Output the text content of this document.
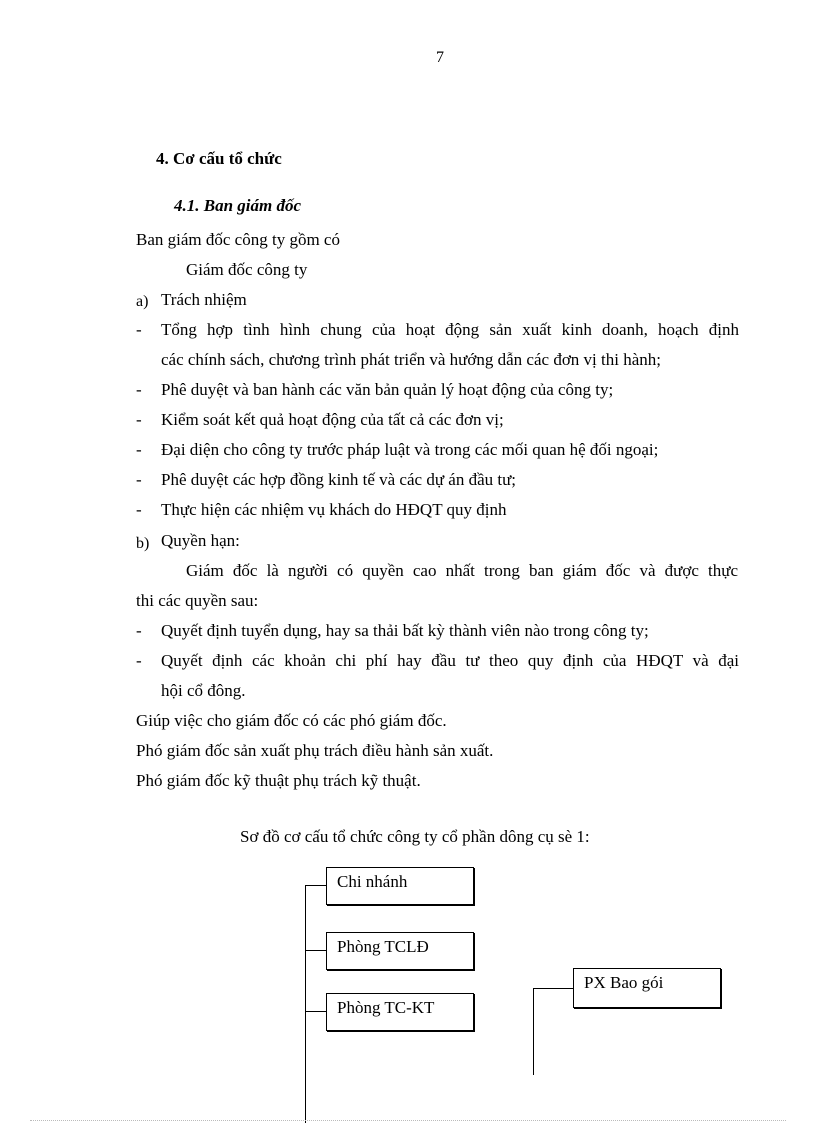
7
4. Cơ cấu tổ chức
4.1. Ban giám đốc
Ban giám đốc công ty gồm có
Giám đốc công ty
a) Trách nhiệm
- Tổng hợp tình hình chung của hoạt động sản xuất kinh doanh, hoạch định
các chính sách, chương trình phát triển và hướng dẫn các đơn vị thi hành;
- Phê duyệt và ban hành các văn bản quản lý hoạt động của công ty;
- Kiểm soát kết quả hoạt động của tất cả các đơn vị;
- Đại diện cho công ty trước pháp luật và trong các mối quan hệ đối ngoại;
- Phê duyệt các hợp đồng kinh tế và các dự án đầu tư;
- Thực hiện các nhiệm vụ khách do HĐQT quy định
b) Quyền hạn:
Giám đốc là người có quyền cao nhất trong ban giám đốc và được thực
thi các quyền sau:
- Quyết định tuyển dụng, hay sa thải bất kỳ thành viên nào trong công ty;
- Quyết định các khoản chi phí hay đầu tư theo quy định của HĐQT và đại
hội cổ đông.
Giúp việc cho giám đốc có các phó giám đốc.
Phó giám đốc sản xuất phụ trách điều hành sản xuất.
Phó giám đốc kỹ thuật phụ trách kỹ thuật.
Sơ đồ cơ cấu tổ chức công ty cổ phần dông cụ sè 1:
Chi nhánh
Phòng TCLĐ
Phòng TC-KT
PX Bao gói
